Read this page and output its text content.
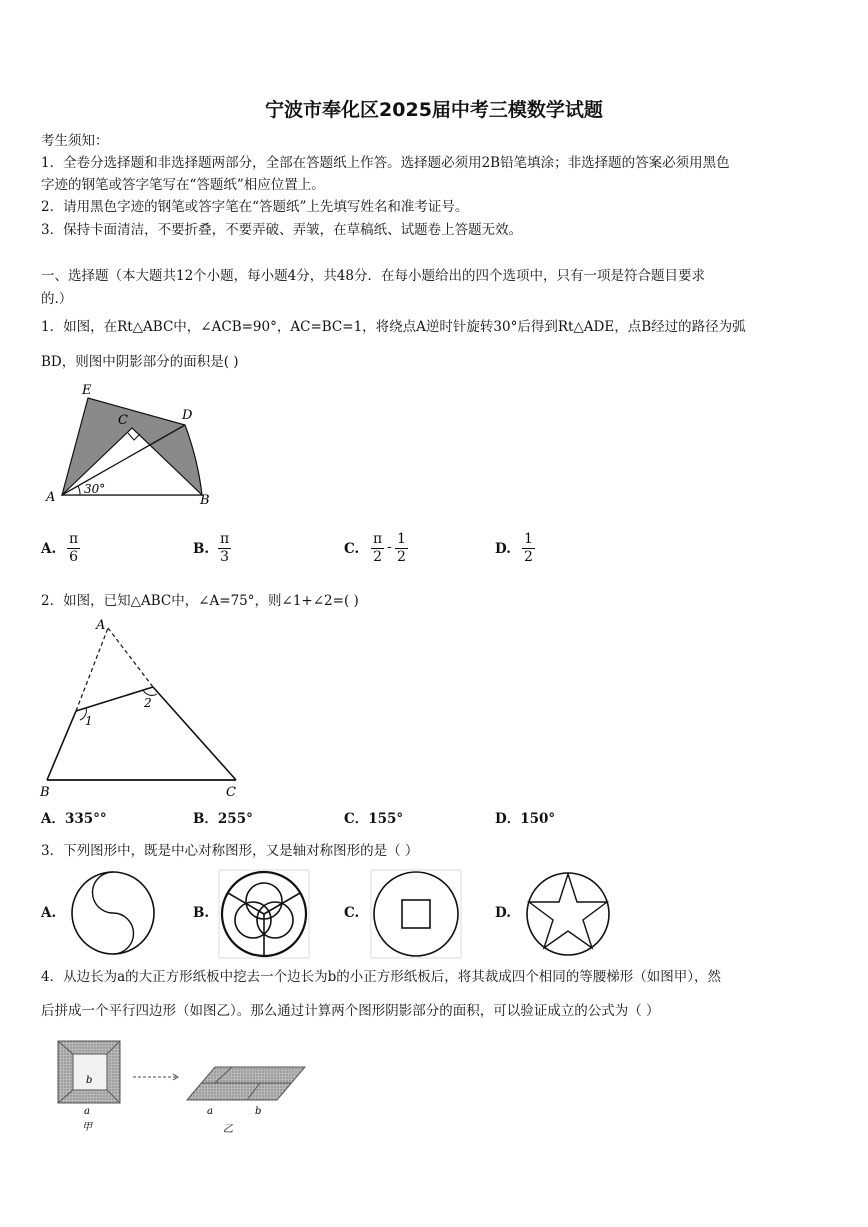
宁波市奉化区2025届中考三模数学试题
考生须知：
1．全卷分选择题和非选择题两部分，全部在答题纸上作答。选择题必须用2B铅笔填涂；非选择题的答案必须用黑色
字迹的钢笔或答字笔写在“答题纸”相应位置上。
2．请用黑色字迹的钢笔或答字笔在“答题纸”上先填写姓名和准考证号。
3．保持卡面清洁，不要折叠，不要弄破、弄皱，在草稿纸、试题卷上答题无效。
一、选择题（本大题共12个小题，每小题4分，共48分．在每小题给出的四个选项中，只有一项是符合题目要求
的.）
1．如图，在Rt△ABC中，∠ACB=90°，AC=BC=1，将绕点A逆时针旋转30°后得到Rt△ADE，点B经过的路径为弧
BD，则图中阴影部分的面积是( )
E
C	D
A	B
30°
A. $\frac{\pi}{6}$	B. $\frac{\pi}{3}$	C. $\frac{\pi}{2} - \frac{1}{2}$	D. $\frac{1}{2}$
2．如图，已知△ABC中，∠A=75°，则∠1+∠2=( )
A
B	C
1
2
A．335°°	B．255°	C．155°	D．150°
3．下列图形中，既是中心对称图形，又是轴对称图形的是（ ）
A.	B.	C.	D.
4．从边长为a的大正方形纸板中挖去一个边长为b的小正方形纸板后，将其裁成四个相同的等腰梯形（如图甲），然
后拼成一个平行四边形（如图乙）。那么通过计算两个图形阴影部分的面积，可以验证成立的公式为（ ）
b
a
甲
a	b
乙
